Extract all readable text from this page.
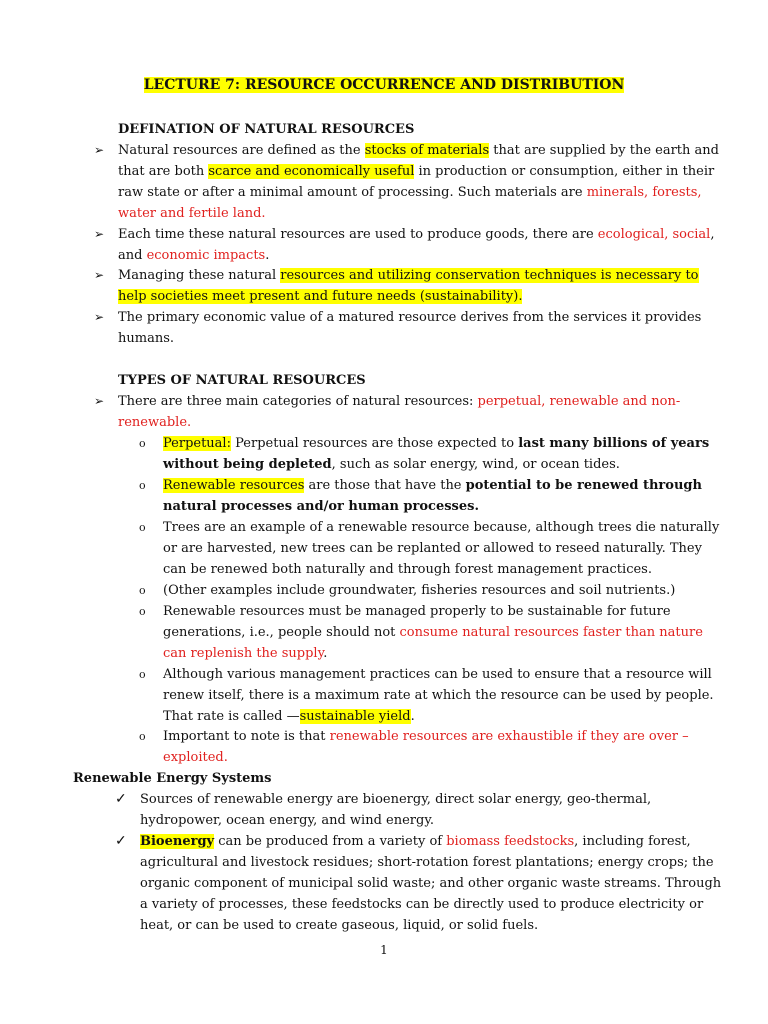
LECTURE 7: RESOURCE OCCURRENCE AND DISTRIBUTION
DEFINATION OF NATURAL RESOURCES
➢ Natural resources are defined as the stocks of materials that are supplied by the earth and that are both scarce and economically useful in production or consumption, either in their raw state or after a minimal amount of processing. Such materials are minerals, forests, water and fertile land.
➢ Each time these natural resources are used to produce goods, there are ecological, social, and economic impacts.
➢ Managing these natural resources and utilizing conservation techniques is necessary to help societies meet present and future needs (sustainability).
➢ The primary economic value of a matured resource derives from the services it provides humans.
TYPES OF NATURAL RESOURCES
➢ There are three main categories of natural resources: perpetual, renewable and non-renewable.
o Perpetual: Perpetual resources are those expected to last many billions of years without being depleted, such as solar energy, wind, or ocean tides.
o Renewable resources are those that have the potential to be renewed through natural processes and/or human processes.
o Trees are an example of a renewable resource because, although trees die naturally or are harvested, new trees can be replanted or allowed to reseed naturally. They can be renewed both naturally and through forest management practices.
o (Other examples include groundwater, fisheries resources and soil nutrients.)
o Renewable resources must be managed properly to be sustainable for future generations, i.e., people should not consume natural resources faster than nature can replenish the supply.
o Although various management practices can be used to ensure that a resource will renew itself, there is a maximum rate at which the resource can be used by people. That rate is called —sustainable yield.
o Important to note is that renewable resources are exhaustible if they are over – exploited.
Renewable Energy Systems
✓ Sources of renewable energy are bioenergy, direct solar energy, geo-thermal, hydropower, ocean energy, and wind energy.
✓ Bioenergy can be produced from a variety of biomass feedstocks, including forest, agricultural and livestock residues; short-rotation forest plantations; energy crops; the organic component of municipal solid waste; and other organic waste streams. Through a variety of processes, these feedstocks can be directly used to produce electricity or heat, or can be used to create gaseous, liquid, or solid fuels.
1
